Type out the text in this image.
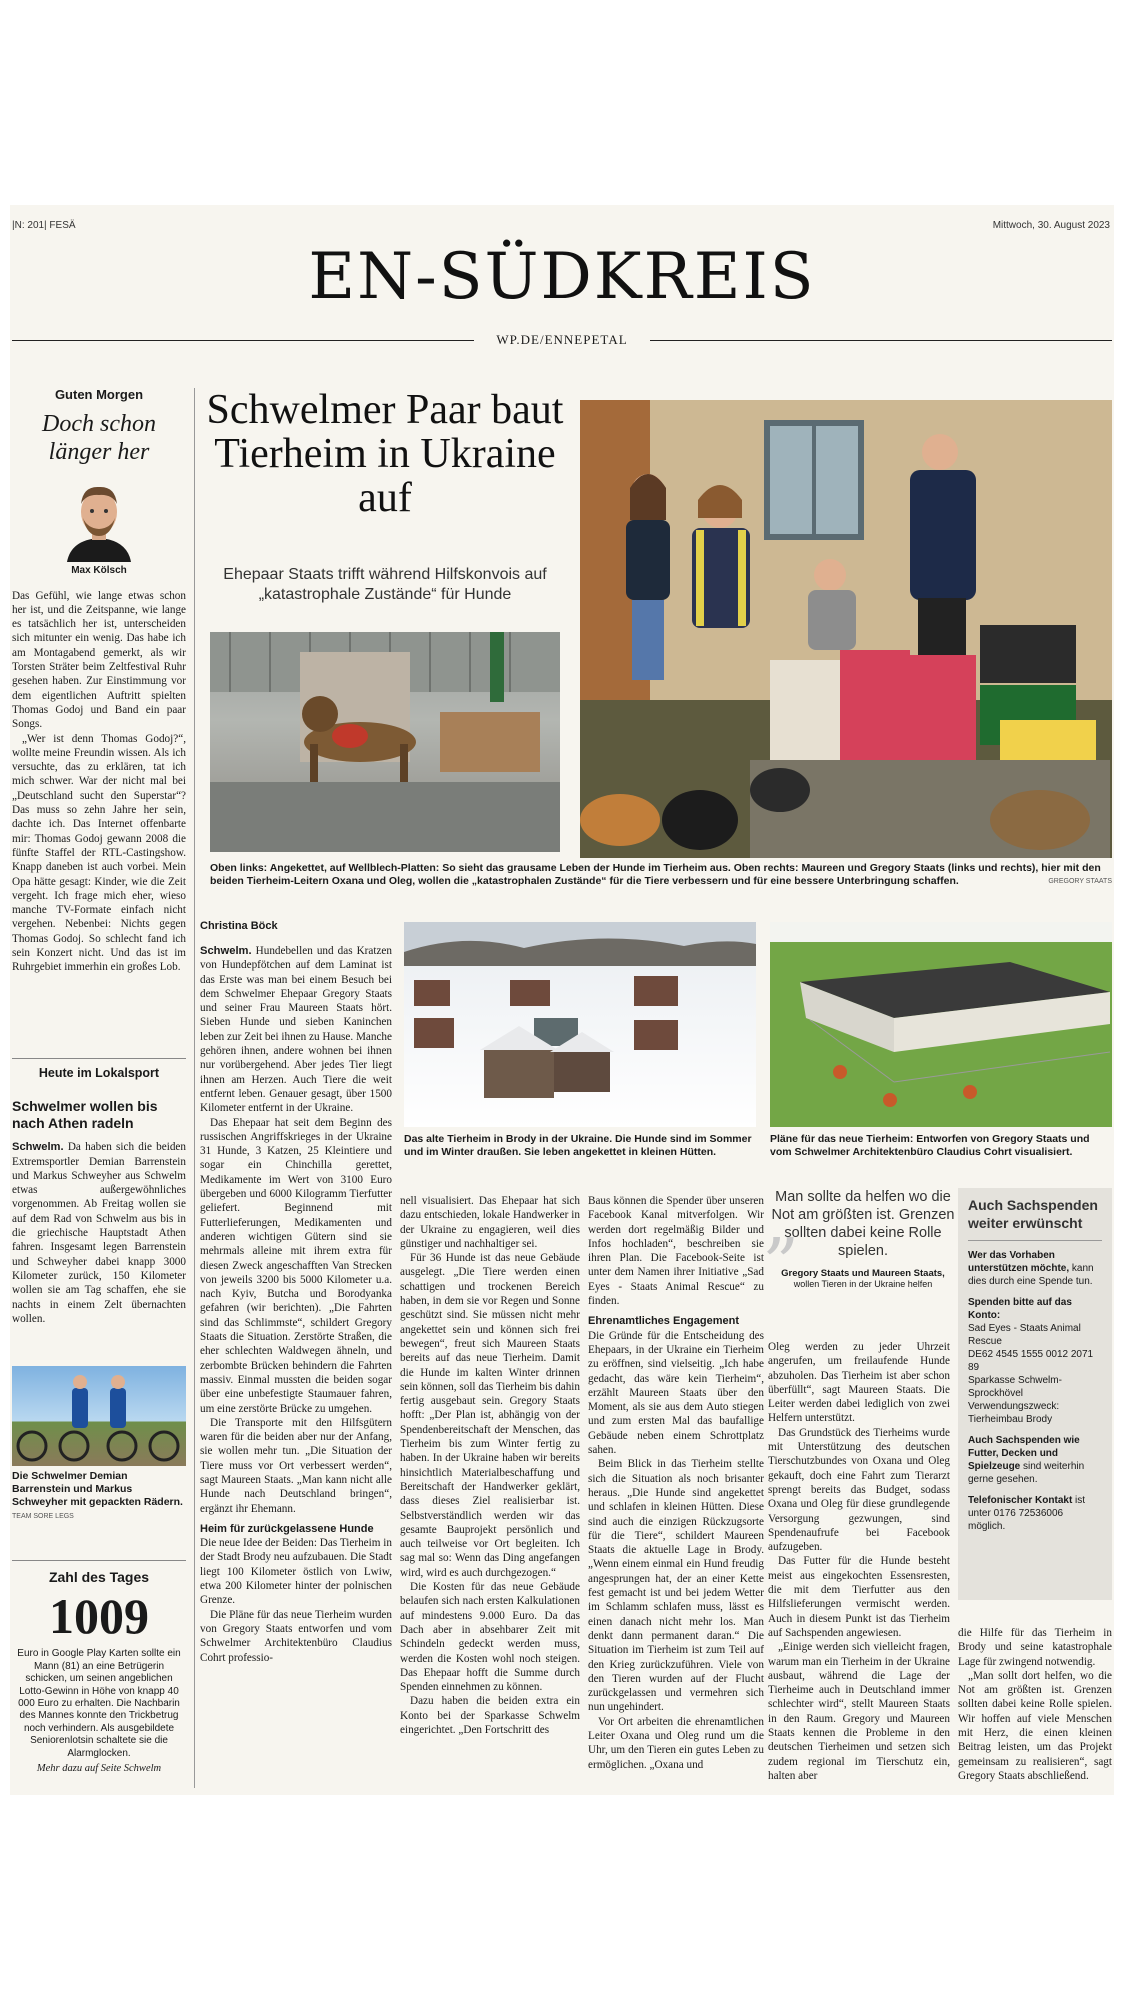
|N: 201| FESÄ	Mittwoch, 30. August 2023
EN-SÜDKREIS
WP.DE/ENNEPETAL
Guten Morgen
Doch schon länger her
Max Kölsch

Das Gefühl, wie lange etwas schon her ist, und die Zeitspanne, wie lange es tatsächlich her ist, unterscheiden sich mitunter ein wenig. Das habe ich am Montagabend gemerkt, als wir Torsten Sträter beim Zeltfestival Ruhr gesehen haben. Zur Einstimmung vor dem eigentlichen Auftritt spielten Thomas Godoj und Band ein paar Songs.

„Wer ist denn Thomas Godoj?“, wollte meine Freundin wissen. Als ich versuchte, das zu erklären, tat ich mich schwer. War der nicht mal bei „Deutschland sucht den Superstar“? Das muss so zehn Jahre her sein, dachte ich. Das Internet offenbarte mir: Thomas Godoj gewann 2008 die fünfte Staffel der RTL-Castingshow. Knapp daneben ist auch vorbei. Mein Opa hätte gesagt: Kinder, wie die Zeit vergeht. Ich frage mich eher, wieso manche TV-Formate einfach nicht vergehen. Nebenbei: Nichts gegen Thomas Godoj. So schlecht fand ich sein Konzert nicht. Und das ist im Ruhrgebiet immerhin ein großes Lob.

Heute im Lokalsport
Schwelmer wollen bis nach Athen radeln

Schwelm. Da haben sich die beiden Extremsportler Demian Barrenstein und Markus Schweyher aus Schwelm etwas außergewöhnliches vorgenommen. Ab Freitag wollen sie auf dem Rad von Schwelm aus bis in die griechische Hauptstadt Athen fahren. Insgesamt legen Barrenstein und Schweyher dabei knapp 3000 Kilometer zurück, 150 Kilometer wollen sie am Tag schaffen, ehe sie nachts in einem Zelt übernachten wollen.

Die Schwelmer Demian Barrenstein und Markus Schweyher mit gepackten Rädern. TEAM SORE LEGS
Zahl des Tages
1009
Euro in Google Play Karten sollte ein Mann (81) an eine Betrügerin schicken, um seinen angeblichen Lotto-Gewinn in Höhe von knapp 40 000 Euro zu erhalten. Die Nachbarin des Mannes konnte den Trickbetrug noch verhindern. Als ausgebildete Seniorenlotsin schaltete sie die Alarmglocken.
Mehr dazu auf Seite Schwelm
Schwelmer Paar baut Tierheim in Ukraine auf
Ehepaar Staats trifft während Hilfskonvois auf „katastrophale Zustände“ für Hunde
Oben links: Angekettet, auf Wellblech-Platten: So sieht das grausame Leben der Hunde im Tierheim aus. Oben rechts: Maureen und Gregory Staats (links und rechts), hier mit den beiden Tierheim-Leitern Oxana und Oleg, wollen die „katastrophalen Zustände“ für die Tiere verbessern und für eine bessere Unterbringung schaffen.	GREGORY STAATS
Christina Böck
Das alte Tierheim in Brody in der Ukraine. Die Hunde sind im Sommer und im Winter draußen. Sie leben angekettet in kleinen Hütten.
Pläne für das neue Tierheim: Entworfen von Gregory Staats und vom Schwelmer Architektenbüro Claudius Cohrt visualisiert.

Schwelm. Hundebellen und das Kratzen von Hundepfötchen auf dem Laminat ist das Erste was man bei einem Besuch bei dem Schwelmer Ehepaar Gregory Staats und seiner Frau Maureen Staats hört. Sieben Hunde und sieben Kaninchen leben zur Zeit bei ihnen zu Hause. Manche gehören ihnen, andere wohnen bei ihnen nur vorübergehend. Aber jedes Tier liegt ihnen am Herzen. Auch Tiere die weit entfernt leben. Genauer gesagt, über 1500 Kilometer entfernt in der Ukraine.

Das Ehepaar hat seit dem Beginn des russischen Angriffskrieges in der Ukraine 31 Hunde, 3 Katzen, 25 Kleintiere und sogar ein Chinchilla gerettet, Medikamente im Wert von 3100 Euro übergeben und 6000 Kilogramm Tierfutter geliefert. Beginnend mit Futterlieferungen, Medikamenten und anderen wichtigen Gütern sind sie mehrmals alleine mit ihrem extra für diesen Zweck angeschafften Van Strecken von jeweils 3200 bis 5000 Kilometer u.a. nach Kyiv, Butcha und Borodyanka gefahren (wir berichten). „Die Fahrten sind das Schlimmste“, schildert Gregory Staats die Situation. Zerstörte Straßen, die eher schlechten Waldwegen ähneln, und zerbombte Brücken behindern die Fahrten massiv. Einmal mussten die beiden sogar über eine unbefestigte Staumauer fahren, um eine zerstörte Brücke zu umgehen.

Die Transporte mit den Hilfsgütern waren für die beiden aber nur der Anfang, sie wollen mehr tun. „Die Situation der Tiere muss vor Ort verbessert werden“, sagt Maureen Staats. „Man kann nicht alle Hunde nach Deutschland bringen“, ergänzt ihr Ehemann.

Heim für zurückgelassene Hunde

Die neue Idee der Beiden: Das Tierheim in der Stadt Brody neu aufzubauen. Die Stadt liegt 100 Kilometer östlich von Lwiw, etwa 200 Kilometer hinter der polnischen Grenze.

Die Pläne für das neue Tierheim wurden von Gregory Staats entworfen und vom Schwelmer Architektenbüro Claudius Cohrt professio-

nell visualisiert. Das Ehepaar hat sich dazu entschieden, lokale Handwerker in der Ukraine zu engagieren, weil dies günstiger und nachhaltiger sei.

Für 36 Hunde ist das neue Gebäude ausgelegt. „Die Tiere werden einen schattigen und trockenen Bereich haben, in dem sie vor Regen und Sonne geschützt sind. Sie müssen nicht mehr angekettet sein und können sich frei bewegen“, freut sich Maureen Staats bereits auf das neue Tierheim. Damit die Hunde im kalten Winter drinnen sein können, soll das Tierheim bis dahin fertig ausgebaut sein. Gregory Staats hofft: „Der Plan ist, abhängig von der Spendenbereitschaft der Menschen, das Tierheim bis zum Winter fertig zu haben. In der Ukraine haben wir bereits hinsichtlich Materialbeschaffung und Bereitschaft der Handwerker geklärt, dass dieses Ziel realisierbar ist. Selbstverständlich werden wir das gesamte Bauprojekt persönlich und auch teilweise vor Ort begleiten. Ich sag mal so: Wenn das Ding angefangen wird, wird es auch durchgezogen.“

Die Kosten für das neue Gebäude belaufen sich nach ersten Kalkulationen auf mindestens 9.000 Euro. Da das Dach aber in absehbarer Zeit mit Schindeln gedeckt werden muss, werden die Kosten wohl noch steigen. Das Ehepaar hofft die Summe durch Spenden einnehmen zu können.

Dazu haben die beiden extra ein Konto bei der Sparkasse Schwelm eingerichtet. „Den Fortschritt des

Baus können die Spender über unseren Facebook Kanal mitverfolgen. Wir werden dort regelmäßig Bilder und Infos hochladen“, beschreiben sie ihren Plan. Die Facebook-Seite ist unter dem Namen ihrer Initiative „Sad Eyes - Staats Animal Rescue“ zu finden.

Ehrenamtliches Engagement

Die Gründe für die Entscheidung des Ehepaars, in der Ukraine ein Tierheim zu eröffnen, sind vielseitig. „Ich habe gedacht, das wäre kein Tierheim“, erzählt Maureen Staats über den Moment, als sie aus dem Auto stiegen und zum ersten Mal das baufallige Gebäude neben einem Schrottplatz sahen.

Beim Blick in das Tierheim stellte sich die Situation als noch brisanter heraus. „Die Hunde sind angekettet und schlafen in kleinen Hütten. Diese sind auch die einzigen Rückzugsorte für die Tiere“, schildert Maureen Staats die aktuelle Lage in Brody. „Wenn einem einmal ein Hund freudig angesprungen hat, der an einer Kette fest gemacht ist und bei jedem Wetter im Schlamm schlafen muss, lässt es einen danach nicht mehr los. Man denkt dann permanent daran.“ Die Situation im Tierheim ist zum Teil auf den Krieg zurückzuführen. Viele von den Tieren wurden auf der Flucht zurückgelassen und vermehren sich nun ungehindert.

Vor Ort arbeiten die ehrenamtlichen Leiter Oxana und Oleg rund um die Uhr, um den Tieren ein gutes Leben zu ermöglichen. „Oxana und

„
Man sollte da helfen wo die Not am größten ist. Grenzen sollten dabei keine Rolle spielen.
Gregory Staats und Maureen Staats,
wollen Tieren in der Ukraine helfen

Oleg werden zu jeder Uhrzeit angerufen, um freilaufende Hunde abzuholen. Das Tierheim ist aber schon überfüllt“, sagt Maureen Staats. Die Leiter werden dabei lediglich von zwei Helfern unterstützt.

Das Grundstück des Tierheims wurde mit Unterstützung des deutschen Tierschutzbundes von Oxana und Oleg gekauft, doch eine Fahrt zum Tierarzt sprengt bereits das Budget, sodass Oxana und Oleg für diese grundlegende Versorgung gezwungen, sind Spendenaufrufe bei Facebook aufzugeben.

Das Futter für die Hunde besteht meist aus eingekochten Essensresten, die mit dem Tierfutter aus den Hilfslieferungen vermischt werden. Auch in diesem Punkt ist das Tierheim auf Sachspenden angewiesen.

„Einige werden sich vielleicht fragen, warum man ein Tierheim in der Ukraine ausbaut, während die Lage der Tierheime auch in Deutschland immer schlechter wird“, stellt Maureen Staats in den Raum. Gregory und Maureen Staats kennen die Probleme in den deutschen Tierheimen und setzen sich zudem regional im Tierschutz ein, halten aber

Auch Sachspenden weiter erwünscht
Wer das Vorhaben unterstützen möchte, kann dies durch eine Spende tun.
Spenden bitte auf das Konto:
Sad Eyes - Staats Animal Rescue
DE62 4545 1555 0012 2071 89
Sparkasse Schwelm-Sprockhövel
Verwendungszweck: Tierheimbau Brody
Auch Sachspenden wie Futter, Decken und Spielzeuge sind weiterhin gerne gesehen.
Telefonischer Kontakt ist unter 0176 72536006 möglich.

die Hilfe für das Tierheim in Brody und seine katastrophale Lage für zwingend notwendig.

„Man sollt dort helfen, wo die Not am größten ist. Grenzen sollten dabei keine Rolle spielen. Wir hoffen auf viele Menschen mit Herz, die einen kleinen Beitrag leisten, um das Projekt gemeinsam zu realisieren“, sagt Gregory Staats abschließend.
